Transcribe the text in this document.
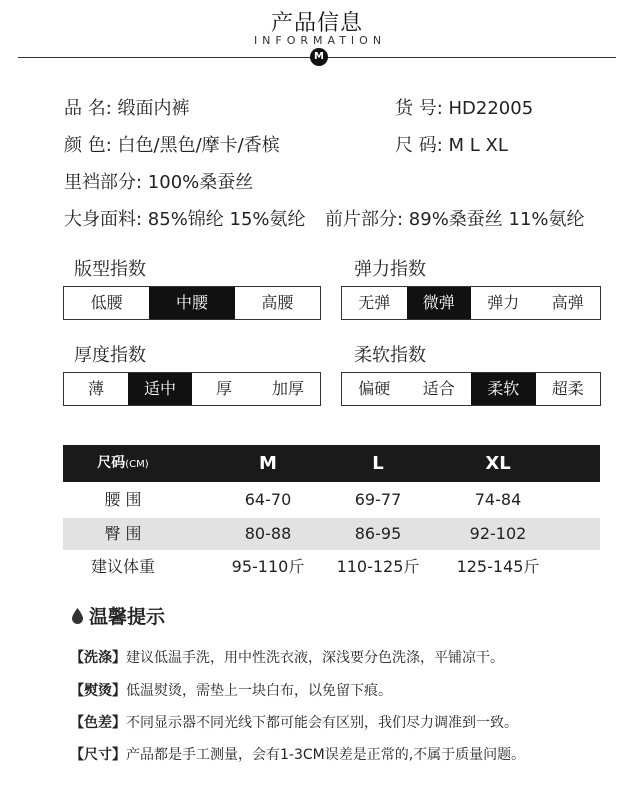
产品信息
INFORMATION
M
品 名: 缎面内裤	货 号: HD22005
颜 色: 白色/黑色/摩卡/香槟	尺 码: M L XL
里裆部分: 100%桑蚕丝
大身面料: 85%锦纶 15%氨纶 前片部分: 89%桑蚕丝 11%氨纶
版型指数
低腰	中腰	高腰
弹力指数
无弹	微弹	弹力	高弹
厚度指数
薄	适中	厚	加厚
柔软指数
偏硬	适合	柔软	超柔
尺码(CM)	M	L	XL
腰 围	64-70	69-77	74-84
臀 围	80-88	86-95	92-102
建议体重	95-110斤	110-125斤	125-145斤
温馨提示
【洗涤】建议低温手洗，用中性洗衣液，深浅要分色洗涤，平铺凉干。
【熨烫】低温熨烫，需垫上一块白布，以免留下痕。
【色差】不同显示器不同光线下都可能会有区别，我们尽力调准到一致。
【尺寸】产品都是手工测量，会有1-3CM误差是正常的,不属于质量问题。
